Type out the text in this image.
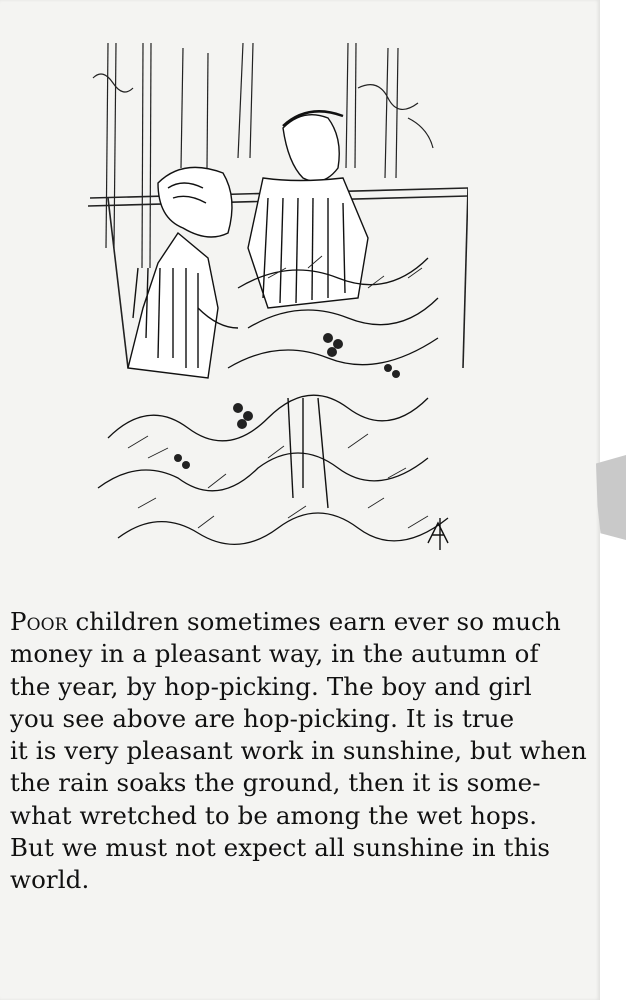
Poor children sometimes earn ever so much
money in a pleasant way, in the autumn of
the year, by hop-picking. The boy and girl
you see above are hop-picking. It is true
it is very pleasant work in sunshine, but when
the rain soaks the ground, then it is some-
what wretched to be among the wet hops.
But we must not expect all sunshine in this
world.
